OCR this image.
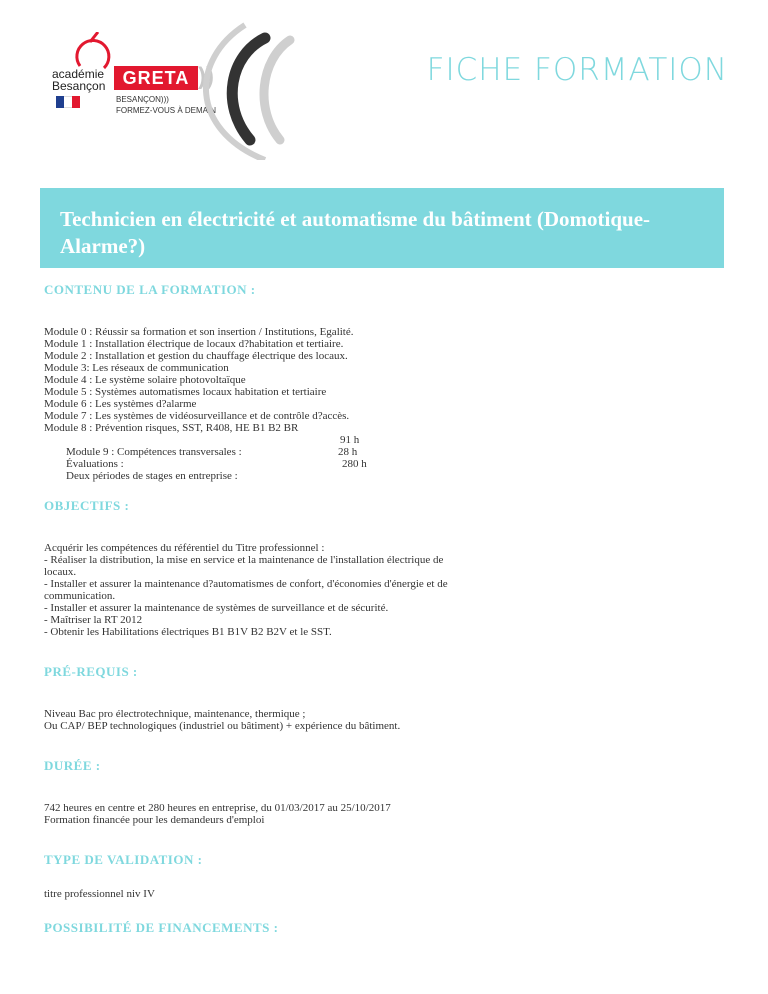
académie
Besançon GRETA ))
BESANÇON)))
FORMEZ-VOUS À DEMAIN
FICHE FORMATION
Technicien en électricité et automatisme du bâtiment (Domotique-Alarme?)
CONTENU DE LA FORMATION :
Module 0 : Réussir sa formation et son insertion / Institutions, Egalité.
Module 1 : Installation électrique de locaux d?habitation et tertiaire.
Module 2 : Installation et gestion du chauffage électrique des locaux.
Module 3: Les réseaux de communication
Module 4 : Le système solaire photovoltaïque
Module 5 : Systèmes automatismes locaux habitation et tertiaire
Module 6 : Les systèmes d?alarme
Module 7 : Les systèmes de vidéosurveillance et de contrôle d?accès.
Module 8 : Prévention risques, SST, R408, HE B1 B2 BR

Module 9 : Compétences transversales :

91 h

Évaluations :

28 h

Deux périodes de stages en entreprise :

280 h

OBJECTIFS :
Acquérir les compétences du référentiel du Titre professionnel :
- Réaliser la distribution, la mise en service et la maintenance de l'installation électrique de
locaux.
- Installer et assurer la maintenance d?automatismes de confort, d'économies d'énergie et de
communication.
- Installer et assurer la maintenance de systèmes de surveillance et de sécurité.
- Maîtriser la RT 2012
- Obtenir les Habilitations électriques B1 B1V B2 B2V et le SST.
PRÉ-REQUIS :
Niveau Bac pro électrotechnique, maintenance, thermique ;
Ou CAP/ BEP technologiques (industriel ou bâtiment) + expérience du bâtiment.
DURÉE :
742 heures en centre et 280 heures en entreprise, du 01/03/2017 au 25/10/2017
Formation financée pour les demandeurs d'emploi
TYPE DE VALIDATION :
titre professionnel niv IV
POSSIBILITÉ DE FINANCEMENTS :
